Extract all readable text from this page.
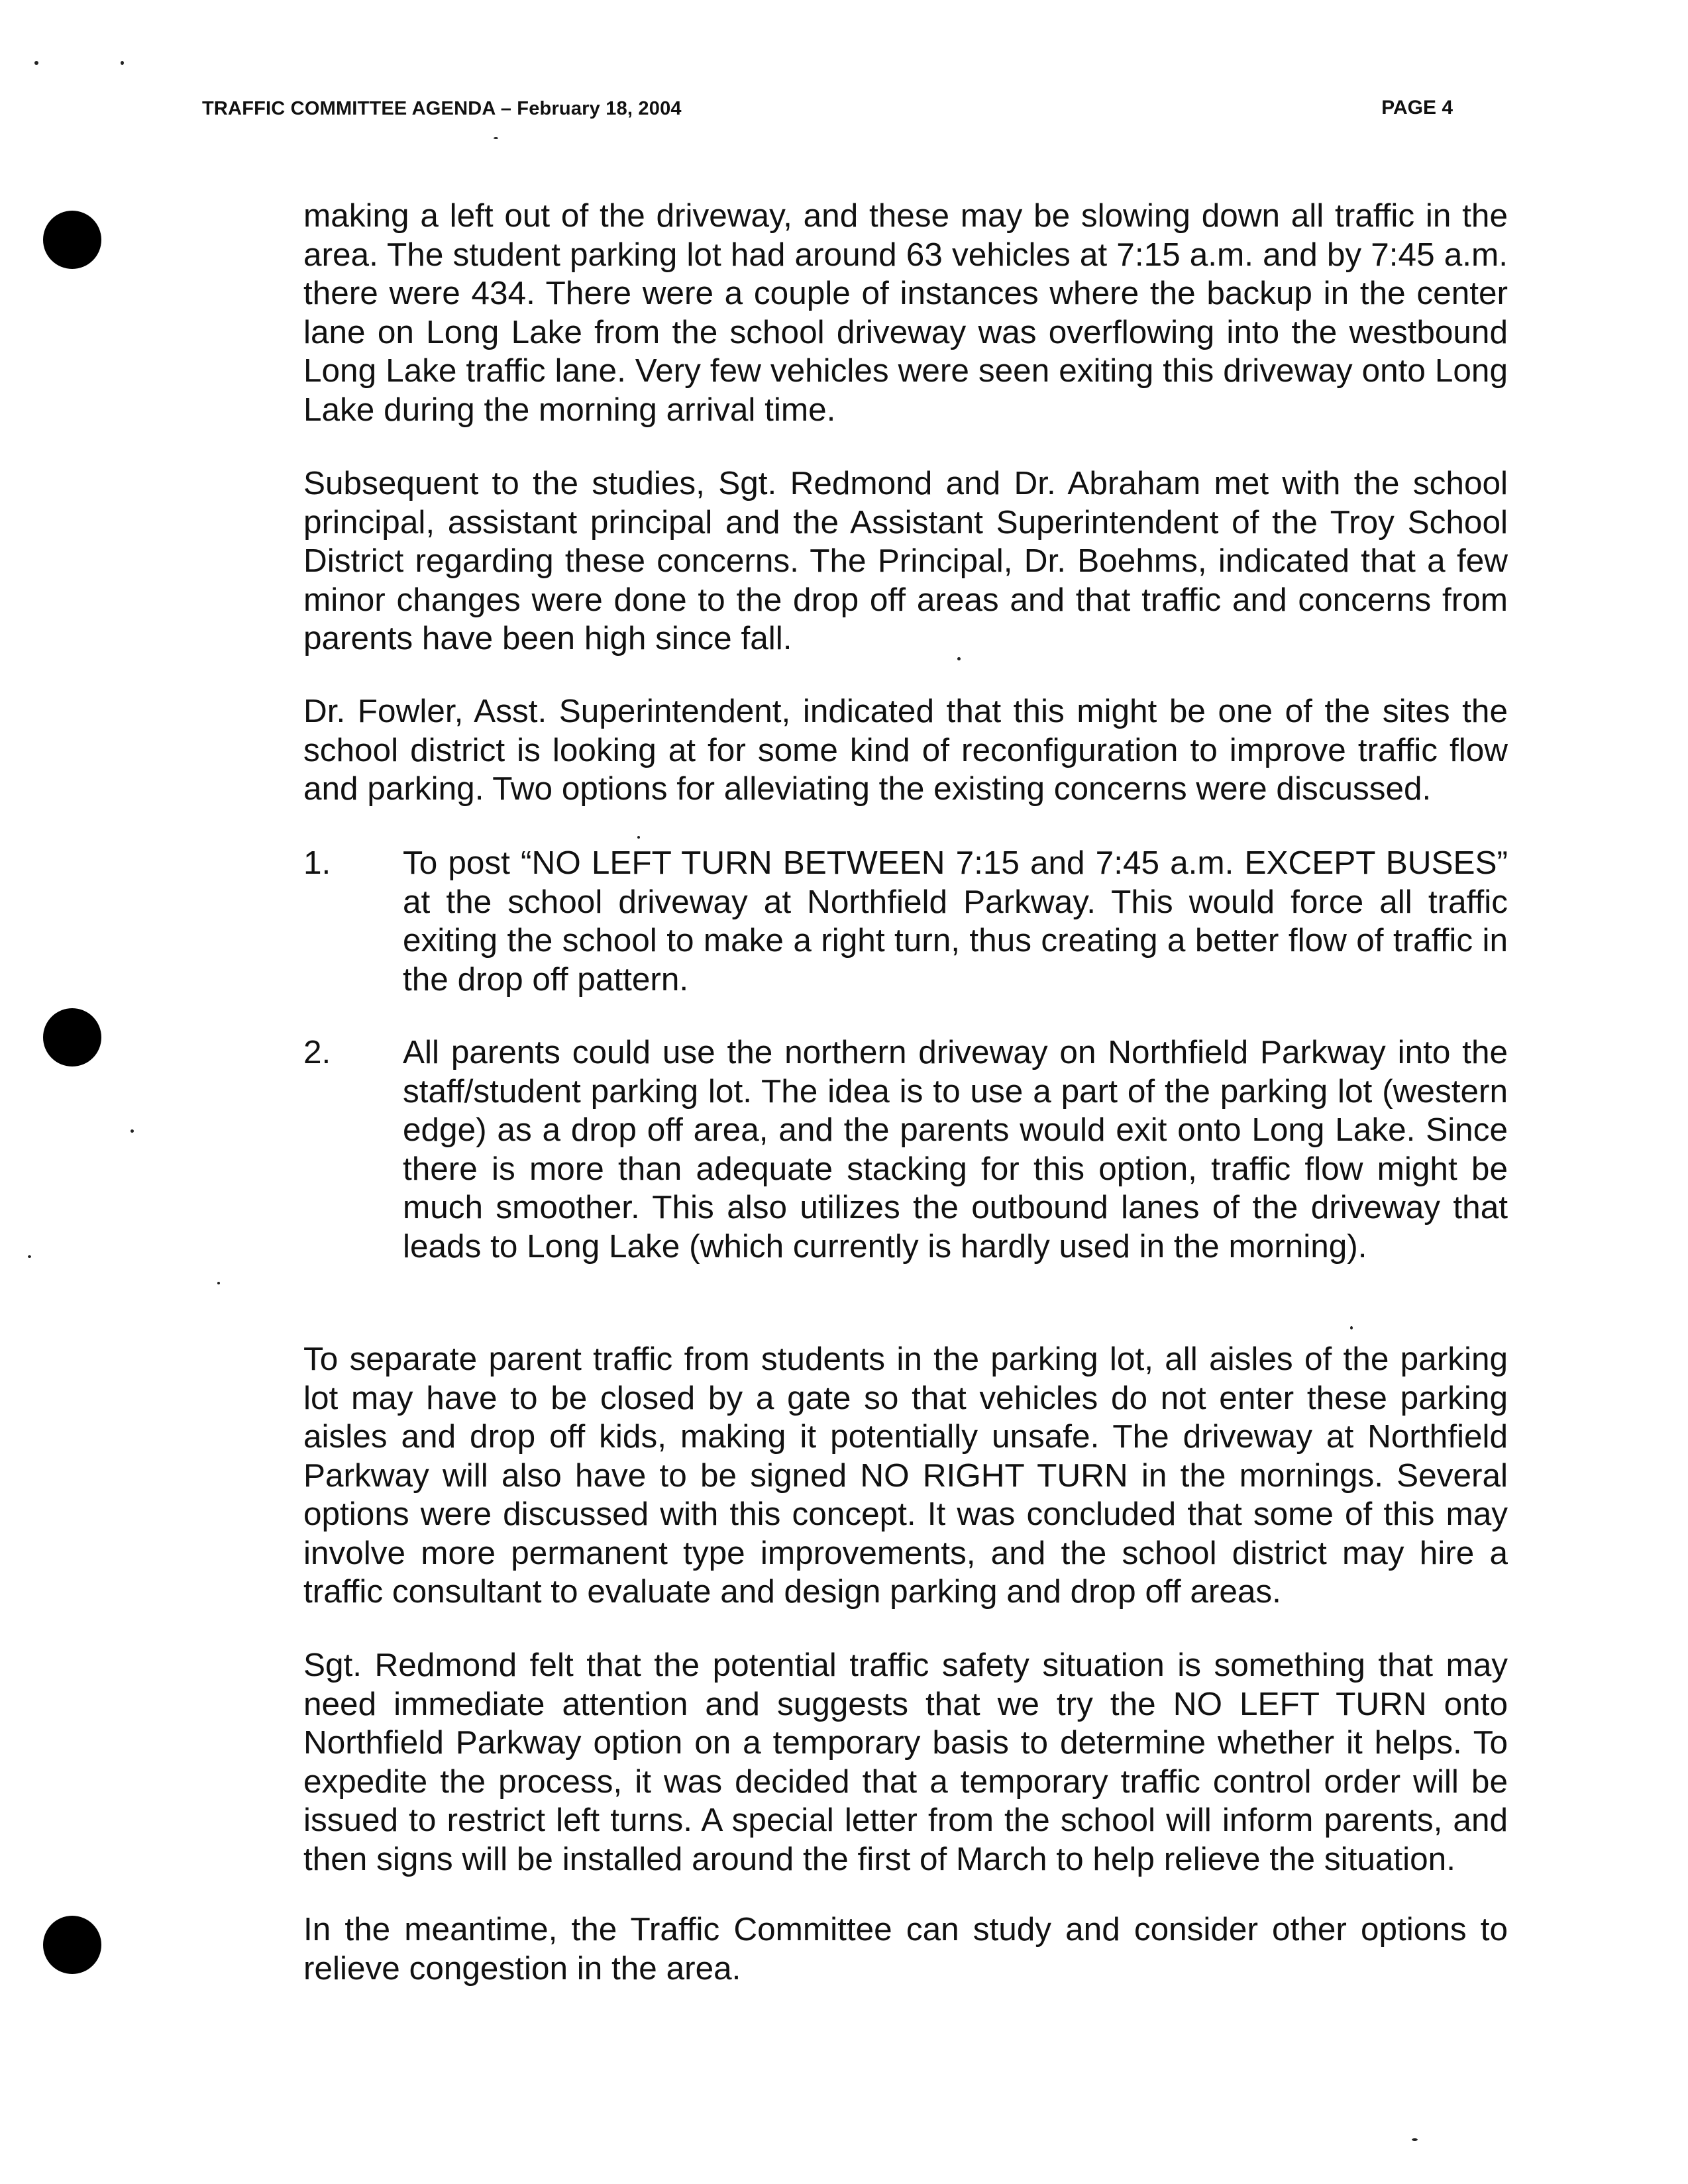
TRAFFIC COMMITTEE AGENDA – February 18, 2004	PAGE 4

making a left out of the driveway, and these may be slowing down all traffic in the area. The student parking lot had around 63 vehicles at 7:15 a.m. and by 7:45 a.m. there were 434. There were a couple of instances where the backup in the center lane on Long Lake from the school driveway was overflowing into the westbound Long Lake traffic lane. Very few vehicles were seen exiting this driveway onto Long Lake during the morning arrival time.

Subsequent to the studies, Sgt. Redmond and Dr. Abraham met with the school principal, assistant principal and the Assistant Superintendent of the Troy School District regarding these concerns. The Principal, Dr. Boehms, indicated that a few minor changes were done to the drop off areas and that traffic and concerns from parents have been high since fall.

Dr. Fowler, Asst. Superintendent, indicated that this might be one of the sites the school district is looking at for some kind of reconfiguration to improve traffic flow and parking. Two options for alleviating the existing concerns were discussed.

1. To post “NO LEFT TURN BETWEEN 7:15 and 7:45 a.m. EXCEPT BUSES” at the school driveway at Northfield Parkway. This would force all traffic exiting the school to make a right turn, thus creating a better flow of traffic in the drop off pattern.

2. All parents could use the northern driveway on Northfield Parkway into the staff/student parking lot. The idea is to use a part of the parking lot (western edge) as a drop off area, and the parents would exit onto Long Lake. Since there is more than adequate stacking for this option, traffic flow might be much smoother. This also utilizes the outbound lanes of the driveway that leads to Long Lake (which currently is hardly used in the morning).

To separate parent traffic from students in the parking lot, all aisles of the parking lot may have to be closed by a gate so that vehicles do not enter these parking aisles and drop off kids, making it potentially unsafe. The driveway at Northfield Parkway will also have to be signed NO RIGHT TURN in the mornings. Several options were discussed with this concept. It was concluded that some of this may involve more permanent type improvements, and the school district may hire a traffic consultant to evaluate and design parking and drop off areas.

Sgt. Redmond felt that the potential traffic safety situation is something that may need immediate attention and suggests that we try the NO LEFT TURN onto Northfield Parkway option on a temporary basis to determine whether it helps. To expedite the process, it was decided that a temporary traffic control order will be issued to restrict left turns. A special letter from the school will inform parents, and then signs will be installed around the first of March to help relieve the situation.

In the meantime, the Traffic Committee can study and consider other options to relieve congestion in the area.
